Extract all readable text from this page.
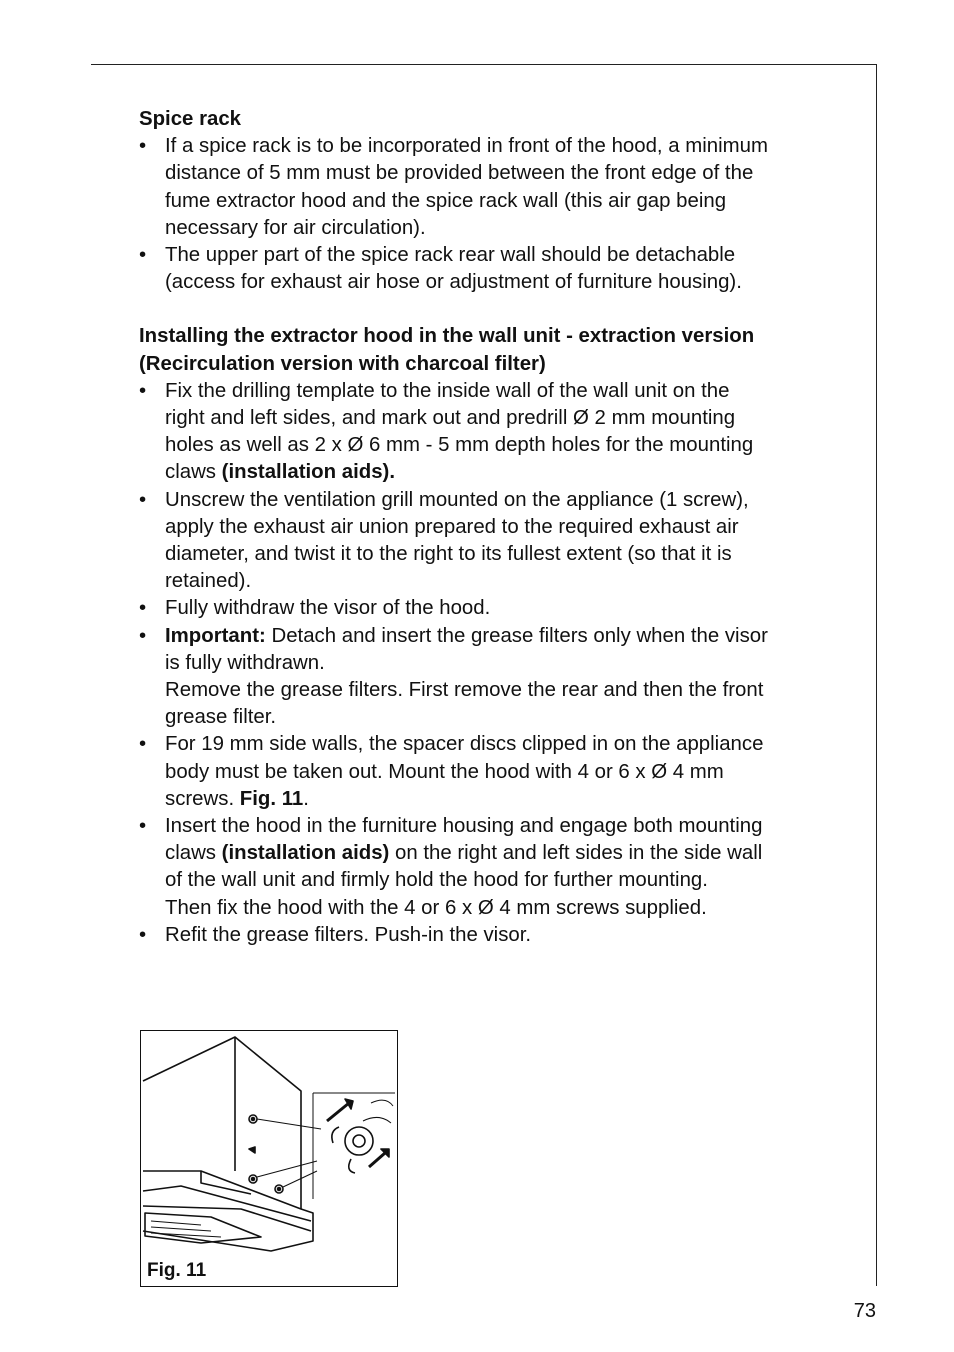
Spice rack
• If a spice rack is to be incorporated in front of the hood, a minimum
distance of 5 mm must be provided between the front edge of the
fume extractor hood and the spice rack wall (this air gap being
necessary for air circulation).
• The upper part of the spice rack rear wall should be detachable
(access for exhaust air hose or adjustment of furniture housing).
Installing the extractor hood in the wall unit - extraction version
(Recirculation version with charcoal filter)
• Fix the drilling template to the inside wall of the wall unit on the
right and left sides, and mark out and predrill Ø 2 mm mounting
holes as well as 2 x Ø 6 mm - 5 mm depth holes for the mounting
claws (installation aids).
• Unscrew the ventilation grill mounted on the appliance (1 screw),
apply the exhaust air union prepared to the required exhaust air
diameter, and twist it to the right to its fullest extent (so that it is
retained).
• Fully withdraw the visor of the hood.
• Important: Detach and insert the grease filters only when the visor
is fully withdrawn.
Remove the grease filters. First remove the rear and then the front
grease filter.
• For 19 mm side walls, the spacer discs clipped in on the appliance
body must be taken out. Mount the hood with 4 or 6 x Ø 4 mm
screws. Fig. 11.
• Insert the hood in the furniture housing and engage both mounting
claws (installation aids) on the right and left sides in the side wall
of the wall unit and firmly hold the hood for further mounting.
Then fix the hood with the 4 or 6 x Ø 4 mm screws supplied.
• Refit the grease filters. Push-in the visor.
Fig. 11
73
